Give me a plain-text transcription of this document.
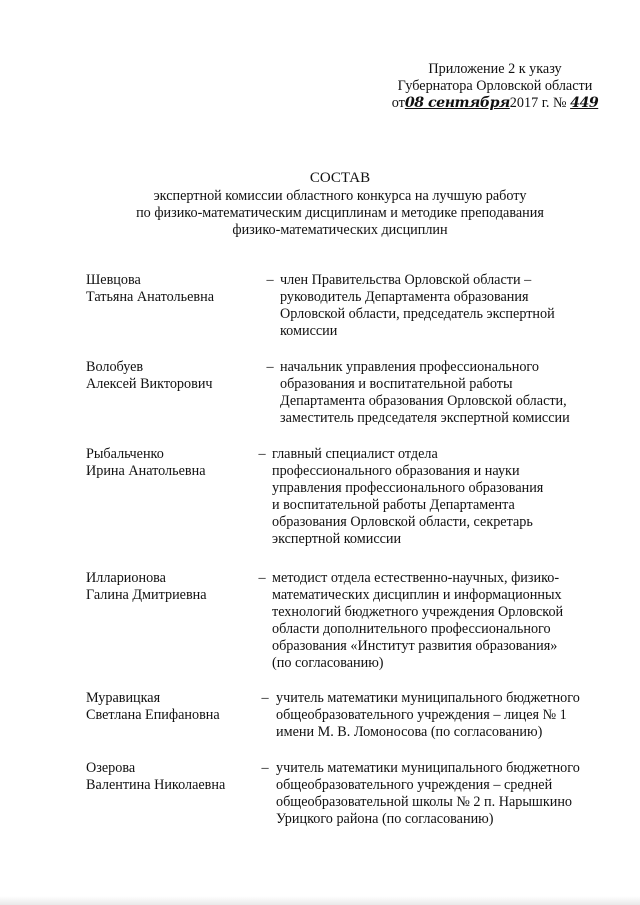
Приложение 2 к указу
Губернатора Орловской области
от08 сентября2017 г. № 449
СОСТАВ
экспертной комиссии областного конкурса на лучшую работу
по физико-математическим дисциплинам и методике преподавания
физико-математических дисциплин
Шевцова
Татьяна Анатольевна
– член Правительства Орловской области –
руководитель Департамента образования
Орловской области, председатель экспертной
комиссии
Волобуев
Алексей Викторович
– начальник управления профессионального
образования и воспитательной работы
Департамента образования Орловской области,
заместитель председателя экспертной комиссии
Рыбальченко
Ирина Анатольевна
– главный специалист отдела
профессионального образования и науки
управления профессионального образования
и воспитательной работы Департамента
образования Орловской области, секретарь
экспертной комиссии
Илларионова
Галина Дмитриевна
– методист отдела естественно-научных, физико-
математических дисциплин и информационных
технологий бюджетного учреждения Орловской
области дополнительного профессионального
образования «Институт развития образования»
(по согласованию)
Муравицкая
Светлана Епифановна
– учитель математики муниципального бюджетного
общеобразовательного учреждения – лицея № 1
имени М. В. Ломоносова (по согласованию)
Озерова
Валентина Николаевна
– учитель математики муниципального бюджетного
общеобразовательного учреждения – средней
общеобразовательной школы № 2 п. Нарышкино
Урицкого района (по согласованию)
